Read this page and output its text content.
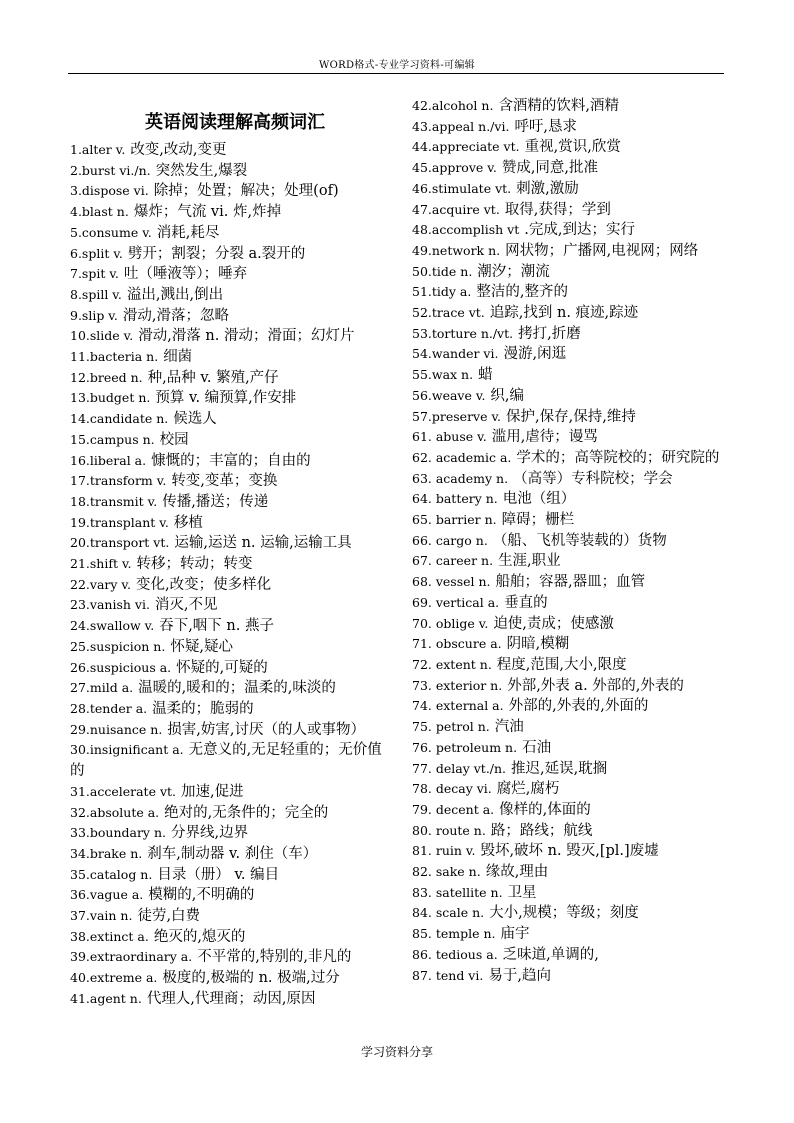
WORD格式-专业学习资料-可编辑
英语阅读理解高频词汇
1.alter v. 改变,改动,变更
2.burst vi./n. 突然发生,爆裂
3.dispose vi. 除掉；处置；解决；处理(of)
4.blast n. 爆炸；气流 vi. 炸,炸掉
5.consume v. 消耗,耗尽
6.split v. 劈开；割裂；分裂 a.裂开的
7.spit v. 吐（唾液等）；唾弃
8.spill v. 溢出,溅出,倒出
9.slip v. 滑动,滑落；忽略
10.slide v. 滑动,滑落 n. 滑动；滑面；幻灯片
11.bacteria n. 细菌
12.breed n. 种,品种 v. 繁殖,产仔
13.budget n. 预算 v. 编预算,作安排
14.candidate n. 候选人
15.campus n. 校园
16.liberal a. 慷慨的；丰富的；自由的
17.transform v. 转变,变革；变换
18.transmit v. 传播,播送；传递
19.transplant v. 移植
20.transport vt. 运输,运送 n. 运输,运输工具
21.shift v. 转移；转动；转变
22.vary v. 变化,改变；使多样化
23.vanish vi. 消灭,不见
24.swallow v. 吞下,咽下 n. 燕子
25.suspicion n. 怀疑,疑心
26.suspicious a. 怀疑的,可疑的
27.mild a. 温暖的,暖和的；温柔的,味淡的
28.tender a. 温柔的；脆弱的
29.nuisance n. 损害,妨害,讨厌（的人或事物）
30.insignificant a. 无意义的,无足轻重的；无价值的
31.accelerate vt. 加速,促进
32.absolute a. 绝对的,无条件的；完全的
33.boundary n. 分界线,边界
34.brake n. 刹车,制动器 v. 刹住（车）
35.catalog n. 目录（册） v. 编目
36.vague a. 模糊的,不明确的
37.vain n. 徒劳,白费
38.extinct a. 绝灭的,熄灭的
39.extraordinary a. 不平常的,特别的,非凡的
40.extreme a. 极度的,极端的 n. 极端,过分
41.agent n. 代理人,代理商；动因,原因
42.alcohol n. 含酒精的饮料,酒精
43.appeal n./vi. 呼吁,恳求
44.appreciate vt. 重视,赏识,欣赏
45.approve v. 赞成,同意,批准
46.stimulate vt. 刺激,激励
47.acquire vt. 取得,获得；学到
48.accomplish vt .完成,到达；实行
49.network n. 网状物；广播网,电视网；网络
50.tide n. 潮汐；潮流
51.tidy a. 整洁的,整齐的
52.trace vt. 追踪,找到 n. 痕迹,踪迹
53.torture n./vt. 拷打,折磨
54.wander vi. 漫游,闲逛
55.wax n. 蜡
56.weave v. 织,编
57.preserve v. 保护,保存,保持,维持
61. abuse v. 滥用,虐待；谩骂
62. academic a. 学术的；高等院校的；研究院的
63. academy n. （高等）专科院校；学会
64. battery n. 电池（组）
65. barrier n. 障碍；栅栏
66. cargo n. （船、飞机等装载的）货物
67. career n. 生涯,职业
68. vessel n. 船舶；容器,器皿；血管
69. vertical a. 垂直的
70. oblige v. 迫使,责成；使感激
71. obscure a. 阴暗,模糊
72. extent n. 程度,范围,大小,限度
73. exterior n. 外部,外表 a. 外部的,外表的
74. external a. 外部的,外表的,外面的
75. petrol n. 汽油
76. petroleum n. 石油
77. delay vt./n. 推迟,延误,耽搁
78. decay vi. 腐烂,腐朽
79. decent a. 像样的,体面的
80. route n. 路；路线；航线
81. ruin v. 毁坏,破坏 n. 毁灭,[pl.]废墟
82. sake n. 缘故,理由
83. satellite n. 卫星
84. scale n. 大小,规模；等级；刻度
85. temple n. 庙宇
86. tedious a. 乏味道,单调的,
87. tend vi. 易于,趋向
学习资料分享
